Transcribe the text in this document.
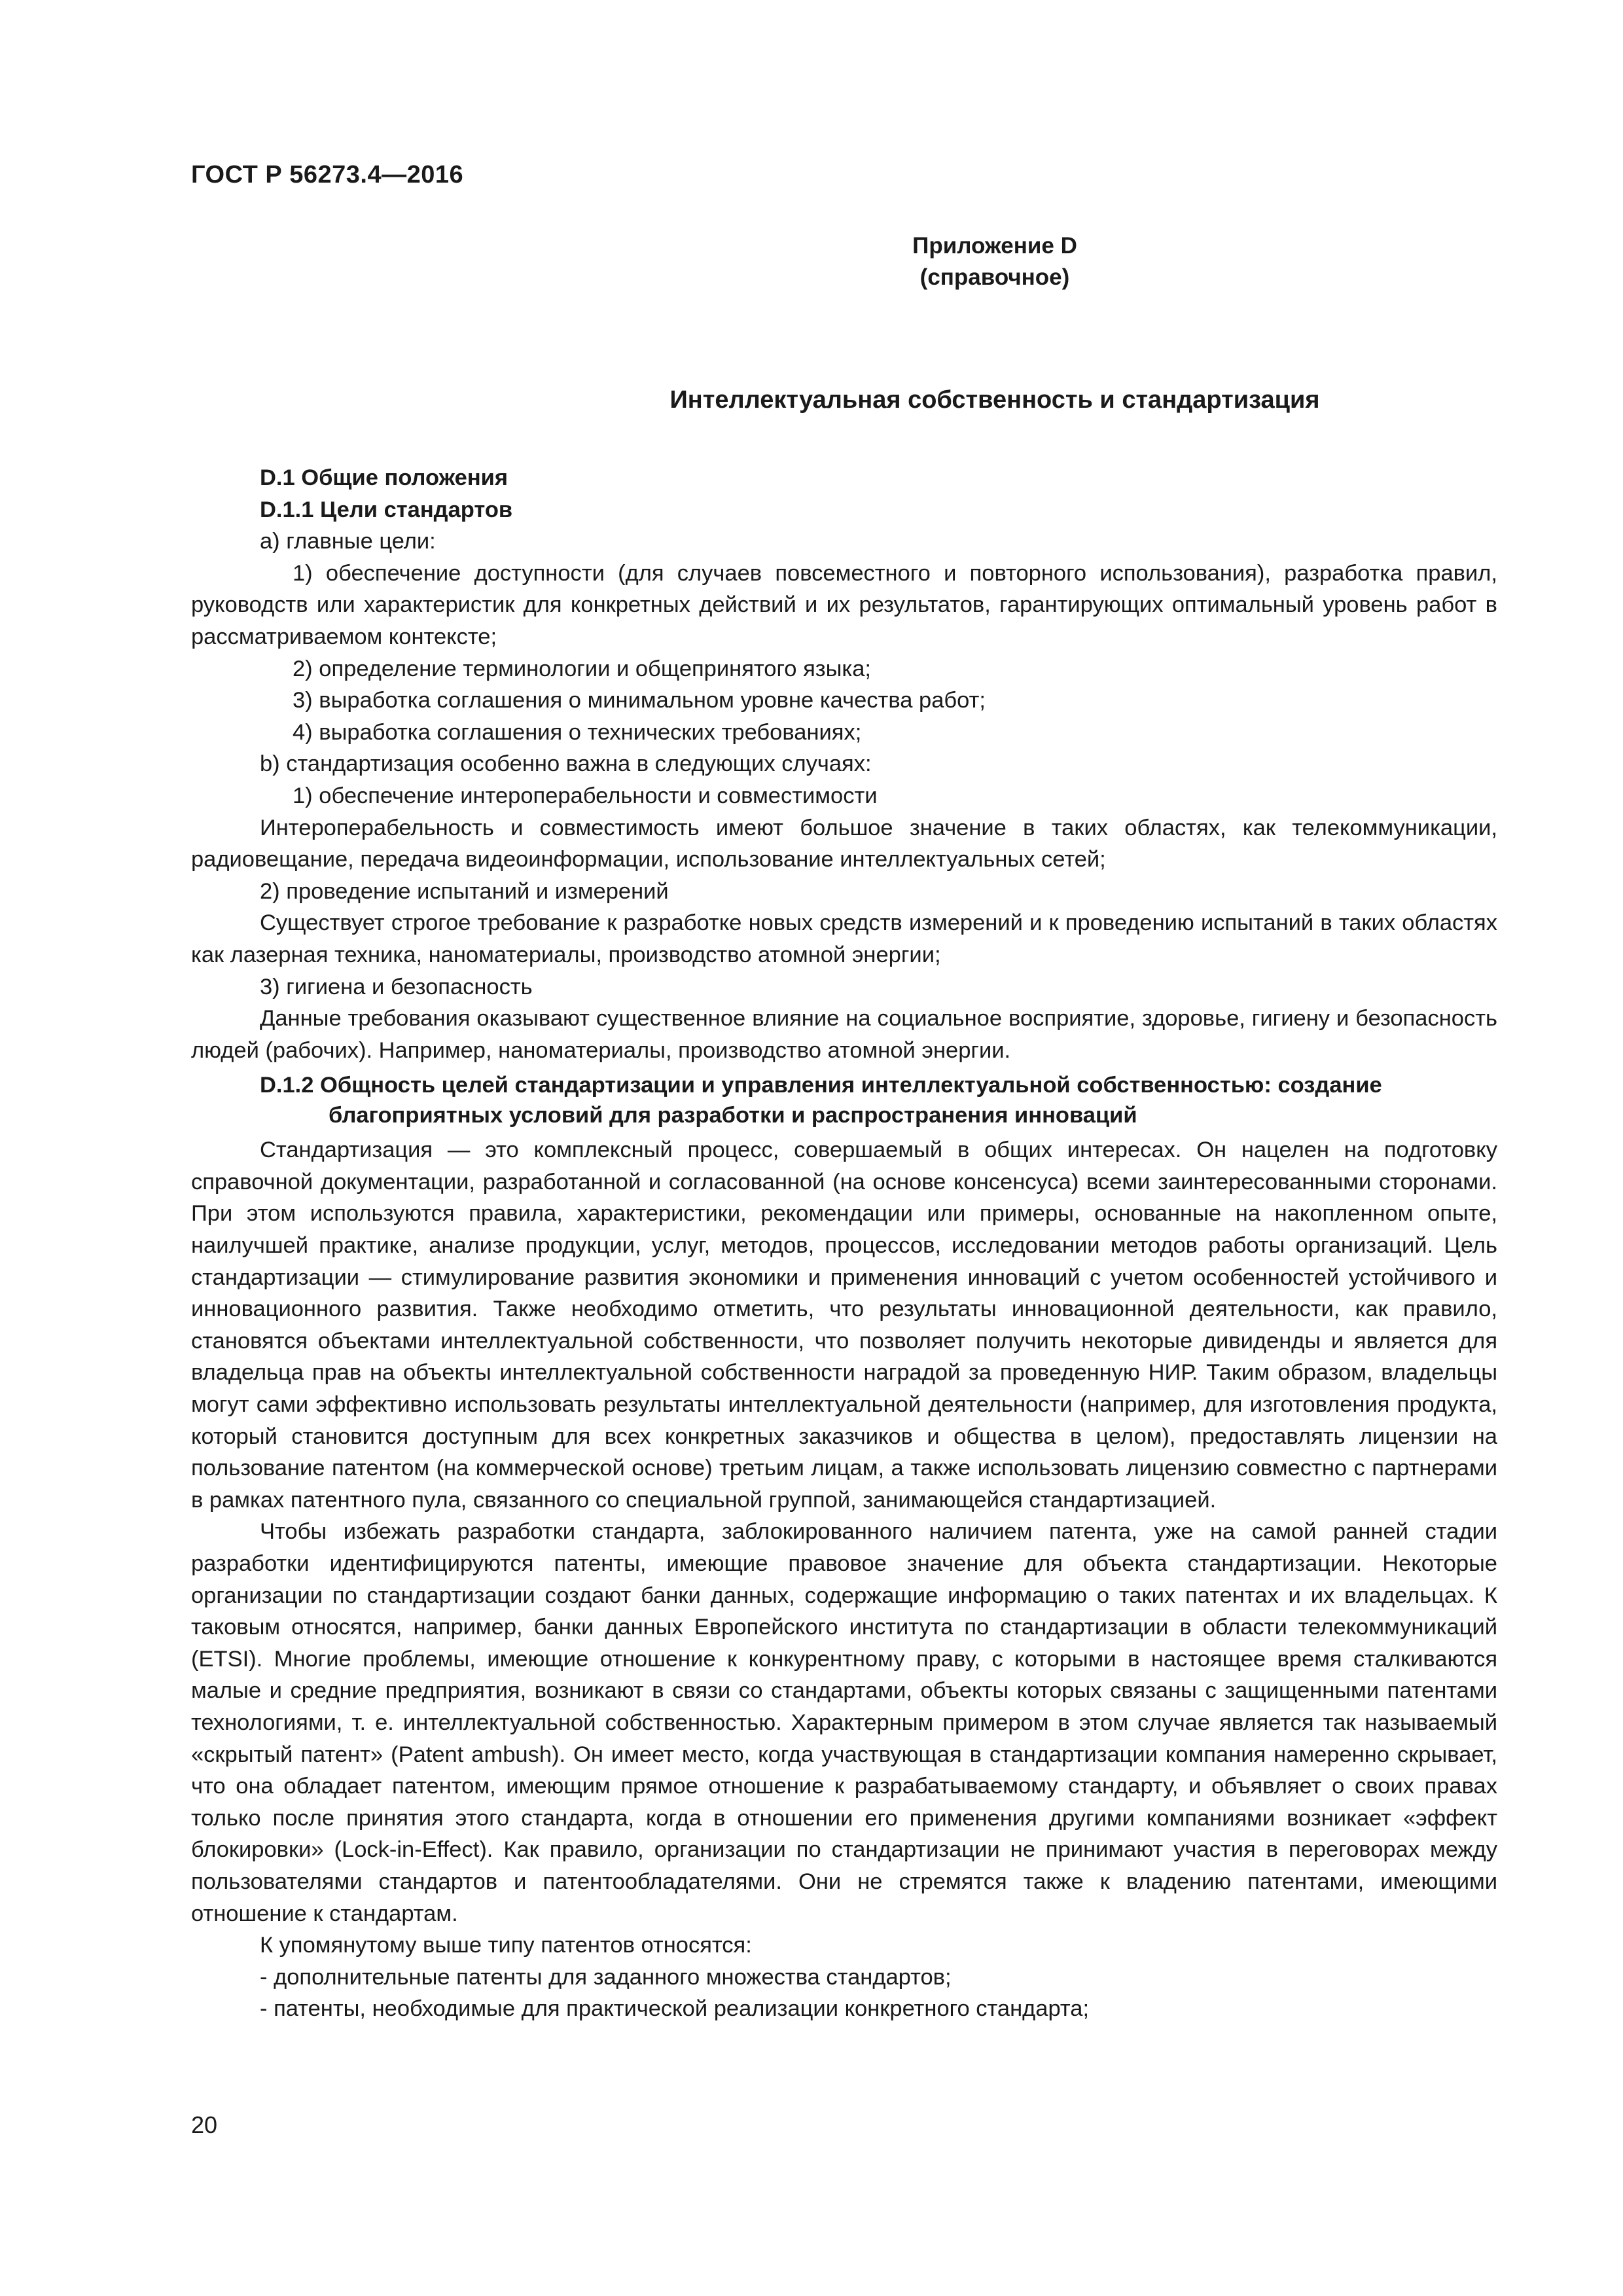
ГОСТ Р 56273.4—2016
Приложение D
(справочное)
Интеллектуальная собственность и стандартизация

D.1 Общие положения

D.1.1 Цели стандартов

а) главные цели:

1) обеспечение доступности (для случаев повсеместного и повторного использования), разработка правил, руководств или характеристик для конкретных действий и их результатов, гарантирующих оптимальный уровень работ в рассматриваемом контексте;

2) определение терминологии и общепринятого языка;

3) выработка соглашения о минимальном уровне качества работ;

4) выработка соглашения о технических требованиях;

b) стандартизация особенно важна в следующих случаях:

1) обеспечение интероперабельности и совместимости

Интероперабельность и совместимость имеют большое значение в таких областях, как телекоммуникации, радиовещание, передача видеоинформации, использование интеллектуальных сетей;

2) проведение испытаний и измерений

Существует строгое требование к разработке новых средств измерений и к проведению испытаний в таких областях как лазерная техника, наноматериалы, производство атомной энергии;

3) гигиена и безопасность

Данные требования оказывают существенное влияние на социальное восприятие, здоровье, гигиену и безопасность людей (рабочих). Например, наноматериалы, производство атомной энергии.

D.1.2 Общность целей стандартизации и управления интеллектуальной собственностью: создание
благоприятных условий для разработки и распространения инноваций

Стандартизация — это комплексный процесс, совершаемый в общих интересах. Он нацелен на подготовку справочной документации, разработанной и согласованной (на основе консенсуса) всеми заинтересованными сторонами. При этом используются правила, характеристики, рекомендации или примеры, основанные на накопленном опыте, наилучшей практике, анализе продукции, услуг, методов, процессов, исследовании методов работы организаций. Цель стандартизации — стимулирование развития экономики и применения инноваций с учетом особенностей устойчивого и инновационного развития. Также необходимо отметить, что результаты инновационной деятельности, как правило, становятся объектами интеллектуальной собственности, что позволяет получить некоторые дивиденды и является для владельца прав на объекты интеллектуальной собственности наградой за проведенную НИР. Таким образом, владельцы могут сами эффективно использовать результаты интеллектуальной деятельности (например, для изготовления продукта, который становится доступным для всех конкретных заказчиков и общества в целом), предоставлять лицензии на пользование патентом (на коммерческой основе) третьим лицам, а также использовать лицензию совместно с партнерами в рамках патентного пула, связанного со специальной группой, занимающейся стандартизацией.

Чтобы избежать разработки стандарта, заблокированного наличием патента, уже на самой ранней стадии разработки идентифицируются патенты, имеющие правовое значение для объекта стандартизации. Некоторые организации по стандартизации создают банки данных, содержащие информацию о таких патентах и их владельцах. К таковым относятся, например, банки данных Европейского института по стандартизации в области телекоммуникаций (ETSI). Многие проблемы, имеющие отношение к конкурентному праву, с которыми в настоящее время сталкиваются малые и средние предприятия, возникают в связи со стандартами, объекты которых связаны с защищенными патентами технологиями, т. е. интеллектуальной собственностью. Характерным примером в этом случае является так называемый «скрытый патент» (Patent ambush). Он имеет место, когда участвующая в стандартизации компания намеренно скрывает, что она обладает патентом, имеющим прямое отношение к разрабатываемому стандарту, и объявляет о своих правах только после принятия этого стандарта, когда в отношении его применения другими компаниями возникает «эффект блокировки» (Lock-in-Effect). Как правило, организации по стандартизации не принимают участия в переговорах между пользователями стандартов и патентообладателями. Они не стремятся также к владению патентами, имеющими отношение к стандартам.

К упомянутому выше типу патентов относятся:

- дополнительные патенты для заданного множества стандартов;

- патенты, необходимые для практической реализации конкретного стандарта;

20
